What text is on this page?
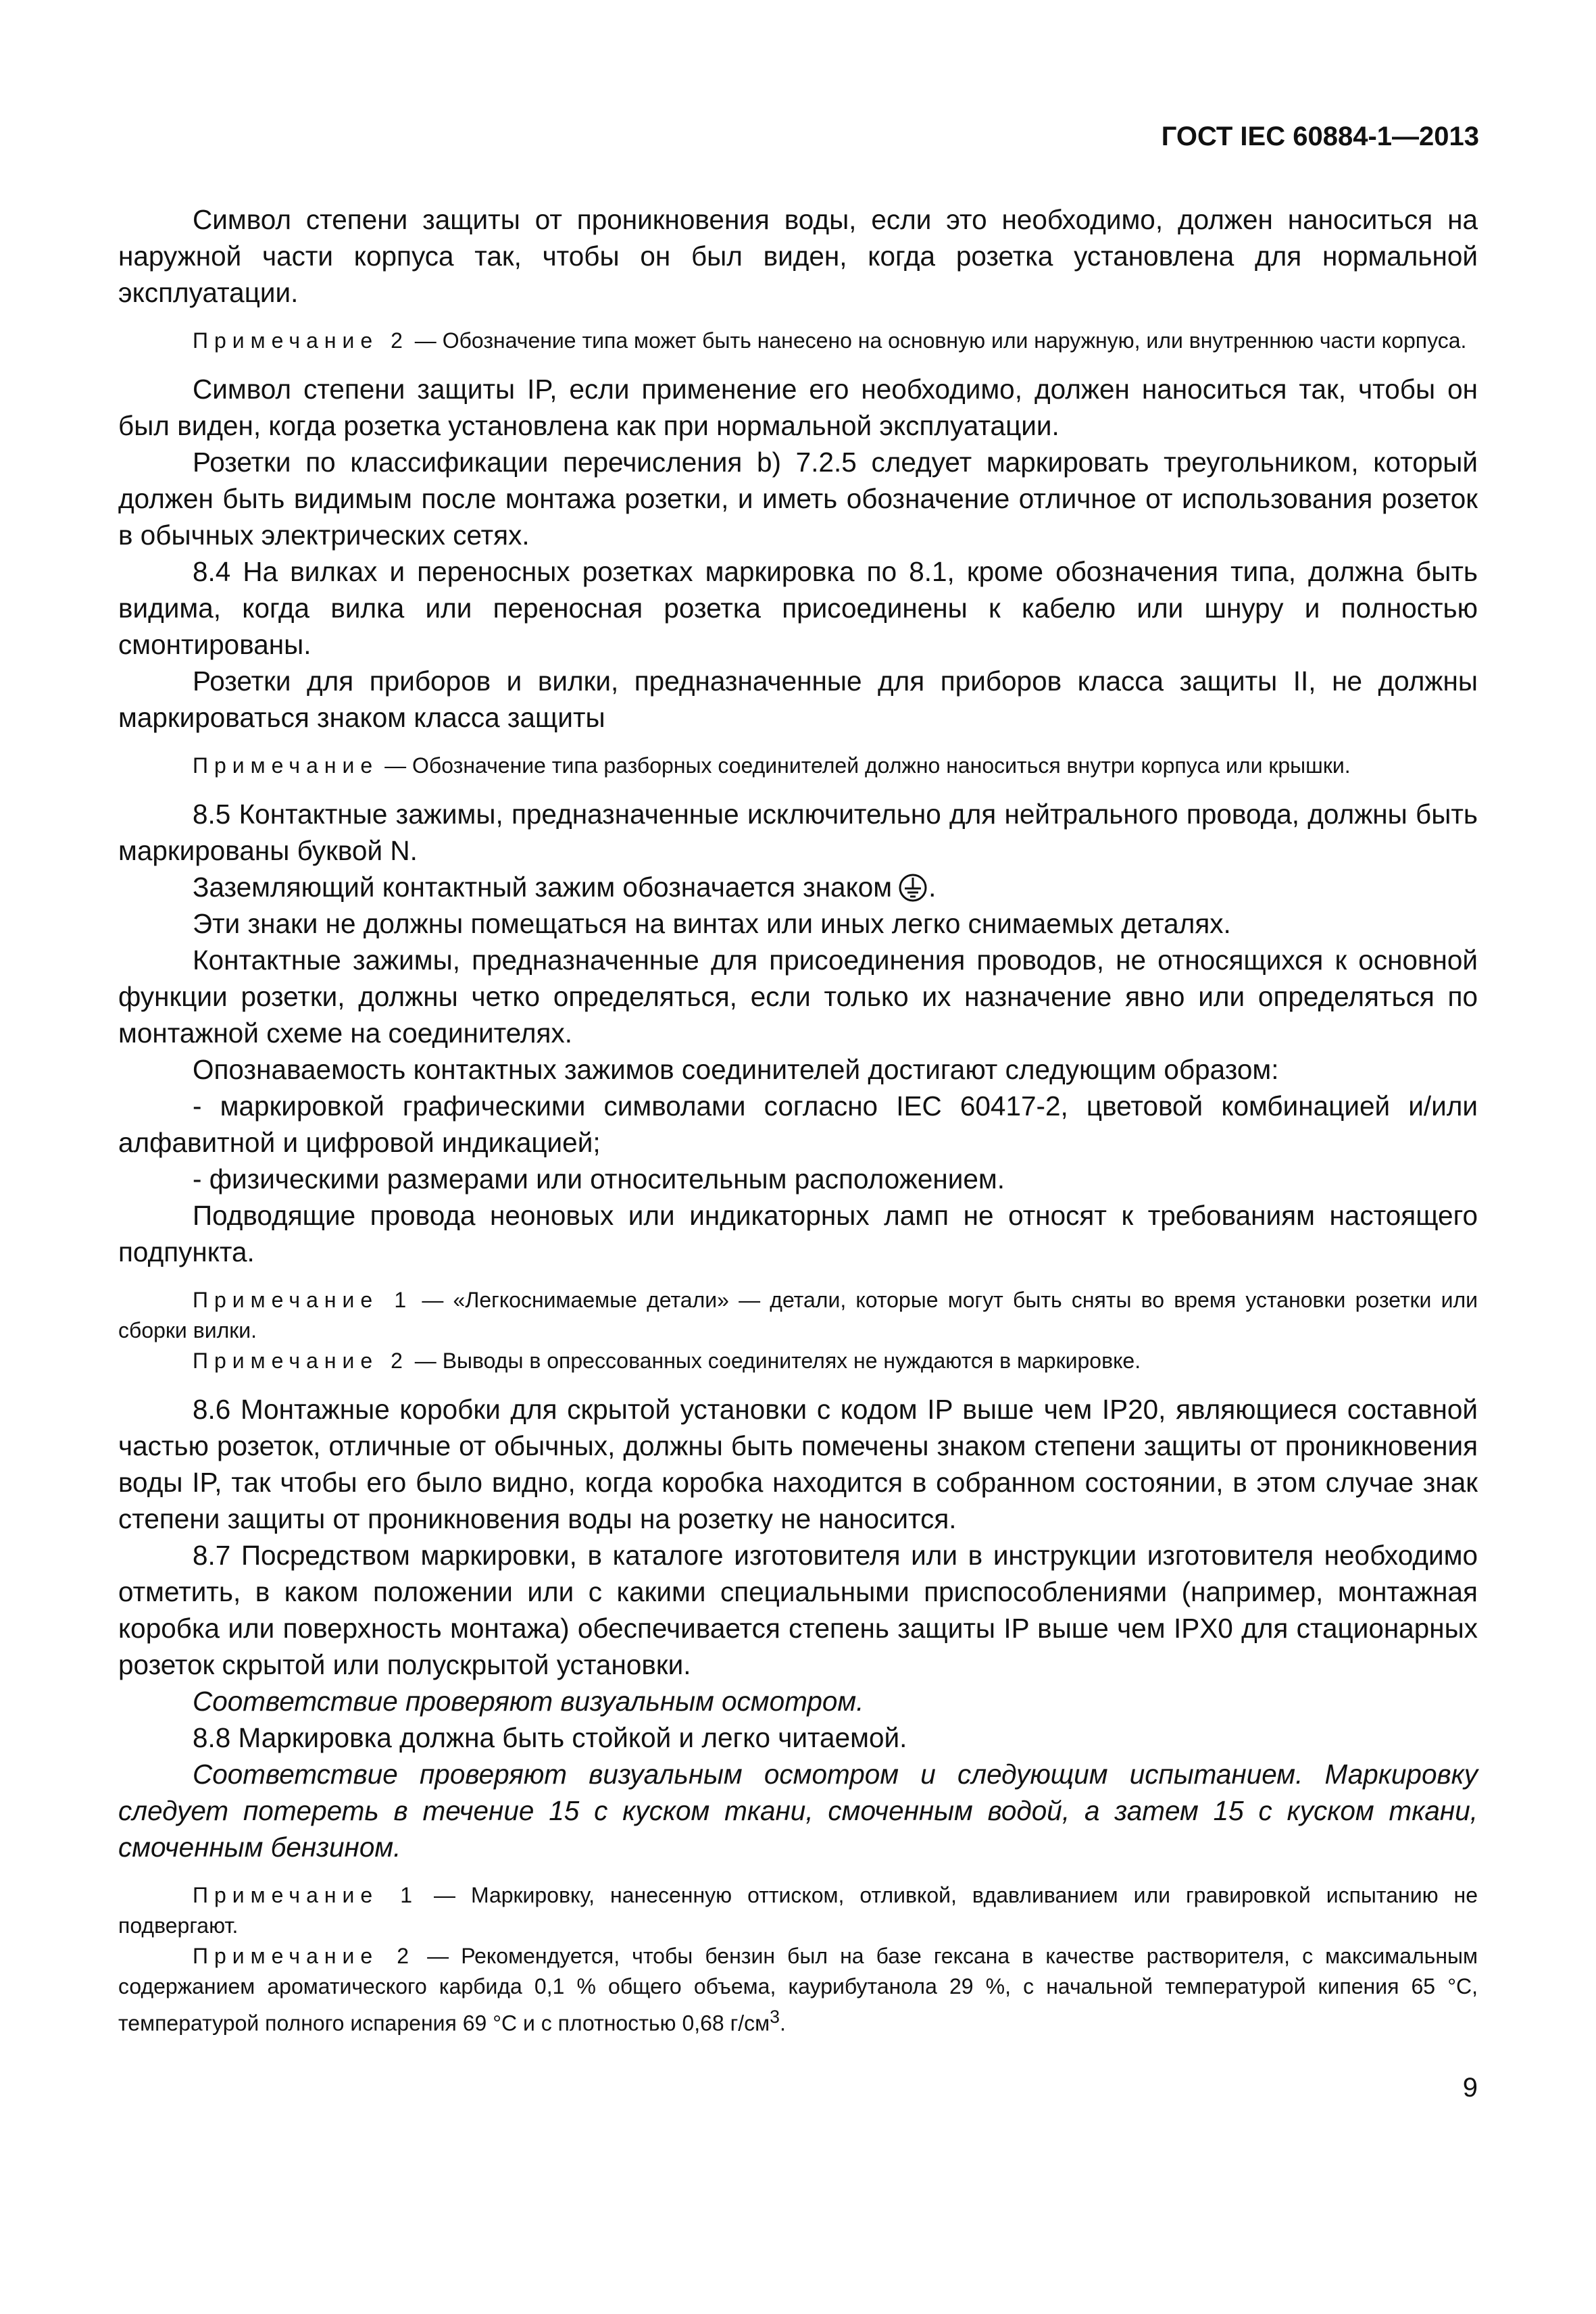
ГОСТ IEC 60884-1—2013

Символ степени защиты от проникновения воды, если это необходимо, должен наноситься на наружной части корпуса так, чтобы он был виден, когда розетка установлена для нормальной эксплуатации.

Примечание 2 — Обозначение типа может быть нанесено на основную или наружную, или внутреннюю части корпуса.

Символ степени защиты IP, если применение его необходимо, должен наноситься так, чтобы он был виден, когда розетка установлена как при нормальной эксплуатации.

Розетки по классификации перечисления b) 7.2.5 следует маркировать треугольником, который должен быть видимым после монтажа розетки, и иметь обозначение отличное от использования розеток в обычных электрических сетях.

8.4 На вилках и переносных розетках маркировка по 8.1, кроме обозначения типа, должна быть видима, когда вилка или переносная розетка присоединены к кабелю или шнуру и полностью смонтированы.

Розетки для приборов и вилки, предназначенные для приборов класса защиты II, не должны маркироваться знаком класса защиты

Примечание — Обозначение типа разборных соединителей должно наноситься внутри корпуса или крышки.

8.5 Контактные зажимы, предназначенные исключительно для нейтрального провода, должны быть маркированы буквой N.

Заземляющий контактный зажим обозначается знаком .

Эти знаки не должны помещаться на винтах или иных легко снимаемых деталях.

Контактные зажимы, предназначенные для присоединения проводов, не относящихся к основной функции розетки, должны четко определяться, если только их назначение явно или определяться по монтажной схеме на соединителях.

Опознаваемость контактных зажимов соединителей достигают следующим образом:

- маркировкой графическими символами согласно IEC 60417-2, цветовой комбинацией и/или алфавитной и цифровой индикацией;

- физическими размерами или относительным расположением.

Подводящие провода неоновых или индикаторных ламп не относят к требованиям настоящего подпункта.

Примечание 1 — «Легкоснимаемые детали» — детали, которые могут быть сняты во время установки розетки или сборки вилки.

Примечание 2 — Выводы в опрессованных соединителях не нуждаются в маркировке.

8.6 Монтажные коробки для скрытой установки с кодом IP выше чем IP20, являющиеся составной частью розеток, отличные от обычных, должны быть помечены знаком степени защиты от проникновения воды IP, так чтобы его было видно, когда коробка находится в собранном состоянии, в этом случае знак степени защиты от проникновения воды на розетку не наносится.

8.7 Посредством маркировки, в каталоге изготовителя или в инструкции изготовителя необходимо отметить, в каком положении или с какими специальными приспособлениями (например, монтажная коробка или поверхность монтажа) обеспечивается степень защиты IP выше чем IPX0 для стационарных розеток скрытой или полускрытой установки.

Соответствие проверяют визуальным осмотром.

8.8 Маркировка должна быть стойкой и легко читаемой.

Соответствие проверяют визуальным осмотром и следующим испытанием. Маркировку следует потереть в течение 15 с куском ткани, смоченным водой, а затем 15 с куском ткани, смоченным бензином.

Примечание 1 — Маркировку, нанесенную оттиском, отливкой, вдавливанием или гравировкой испытанию не подвергают.

Примечание 2 — Рекомендуется, чтобы бензин был на базе гексана в качестве растворителя, с максимальным содержанием ароматического карбида 0,1 % общего объема, каурибутанола 29 %, с начальной температурой кипения 65 °С, температурой полного испарения 69 °С и с плотностью 0,68 $г/см^3$.

9
